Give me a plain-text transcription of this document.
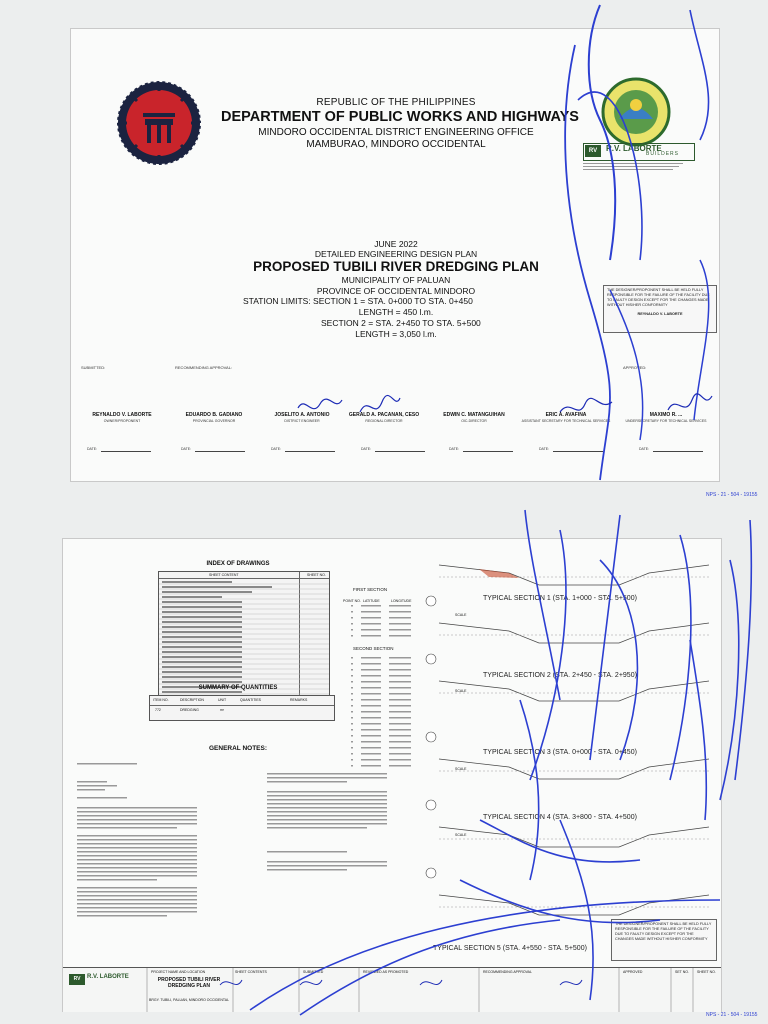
REPUBLIC OF THE PHILIPPINES
DEPARTMENT OF PUBLIC WORKS AND HIGHWAYS
MINDORO OCCIDENTAL DISTRICT ENGINEERING OFFICE
MAMBURAO, MINDORO OCCIDENTAL
RV	R.V. LABORTE
BUILDERS
JUNE 2022
DETAILED ENGINEERING DESIGN PLAN
PROPOSED TUBILI RIVER DREDGING PLAN
MUNICIPALITY OF PALUAN
PROVINCE OF OCCIDENTAL MINDORO
STATION LIMITS: SECTION 1 = STA. 0+000 TO STA. 0+450
LENGTH = 450 l.m.
SECTION 2 = STA. 2+450 TO STA. 5+500
LENGTH = 3,050 l.m.
THE DESIGNER/PROPONENT SHALL BE HELD FULLY RESPONSIBLE FOR THE FAILURE OF THE FACILITY DUE TO FAULTY DESIGN EXCEPT FOR THE CHANGES MADE WITHOUT HIS/HER CONFORMITY
REYNALDO V. LABORTE
SUBMITTED:	RECOMMENDING APPROVAL:	APPROVED:
REYNALDO V. LABORTE
OWNER/PROPONENT
EDUARDO B. GADIANO
PROVINCIAL GOVERNOR
JOSELITO A. ANTONIO
DISTRICT ENGINEER
GERALD A. PACANAN, CESO
REGIONAL DIRECTOR
EDWIN C. MATANGUIHAN
OIC-DIRECTOR
ERIC A. AVAFINA
ASSISTANT SECRETARY FOR TECHNICAL SERVICES
MAXIMO R. ...
UNDERSECRETARY FOR TECHNICAL SERVICES
DATE:	DATE:	DATE:	DATE:	DATE:	DATE:	DATE:
NPS - 21 - 504 - 19155
INDEX OF DRAWINGS
SHEET CONTENT	SHEET NO.
SUMMARY OF QUANTITIES
ITEM NO.	DESCRIPTION	UNIT	QUANTITIES	REMARKS
772	DREDGING	m³
GENERAL NOTES:
FIRST SECTION
POINT NO. LATITUDE	LONGITUDE
SECOND SECTION
TYPICAL SECTION 1 (STA. 1+000 - STA. 5+500)
TYPICAL SECTION 2 (STA. 2+450 - STA. 2+950)
TYPICAL SECTION 3 (STA. 0+000 - STA. 0+450)
TYPICAL SECTION 4 (STA. 3+800 - STA. 4+500)
TYPICAL SECTION 5 (STA. 4+550 - STA. 5+500)
SCALE
SCALE
SCALE
SCALE
THE DESIGNER/PROPONENT SHALL BE HELD FULLY RESPONSIBLE FOR THE FAILURE OF THE FACILITY DUE TO FAULTY DESIGN EXCEPT FOR THE CHANGES MADE WITHOUT HIS/HER CONFORMITY
RV	R.V. LABORTE
PROJECT NAME AND LOCATION
PROPOSED TUBILI RIVER DREDGING PLAN
BRGY. TUBILI, PALUAN, MINDORO OCCIDENTAL
SHEET CONTENTS	SUBMITTED	REVIEWED AS PROMOTED	RECOMMENDING APPROVAL	APPROVED	SET NO. SHEET NO.
NPS - 21 - 504 - 19155
